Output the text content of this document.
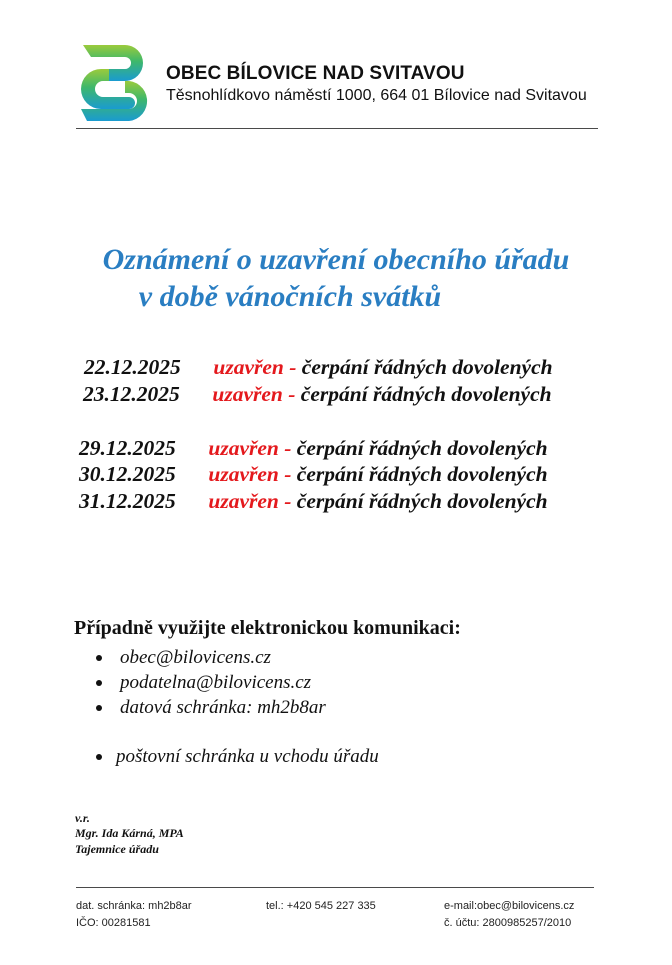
OBEC BÍLOVICE NAD SVITAVOU
Těsnohlídkovo náměstí 1000, 664 01 Bílovice nad Svitavou
Oznámení o uzavření obecního úřadu
v době vánočních svátků
22.12.2025 uzavřen - čerpání řádných dovolených
23.12.2025 uzavřen - čerpání řádných dovolených
29.12.2025 uzavřen - čerpání řádných dovolených
30.12.2025 uzavřen - čerpání řádných dovolených
31.12.2025 uzavřen - čerpání řádných dovolených
Případně využijte elektronickou komunikaci:
obec@bilovicens.cz
podatelna@bilovicens.cz
datová schránka: mh2b8ar
poštovní schránka u vchodu úřadu
v.r.
Mgr. Ida Kárná, MPA
Tajemnice úřadu
dat. schránka: mh2b8ar
IČO: 00281581
tel.: +420 545 227 335	e-mail:obec@bilovicens.cz
č. účtu: 2800985257/2010
